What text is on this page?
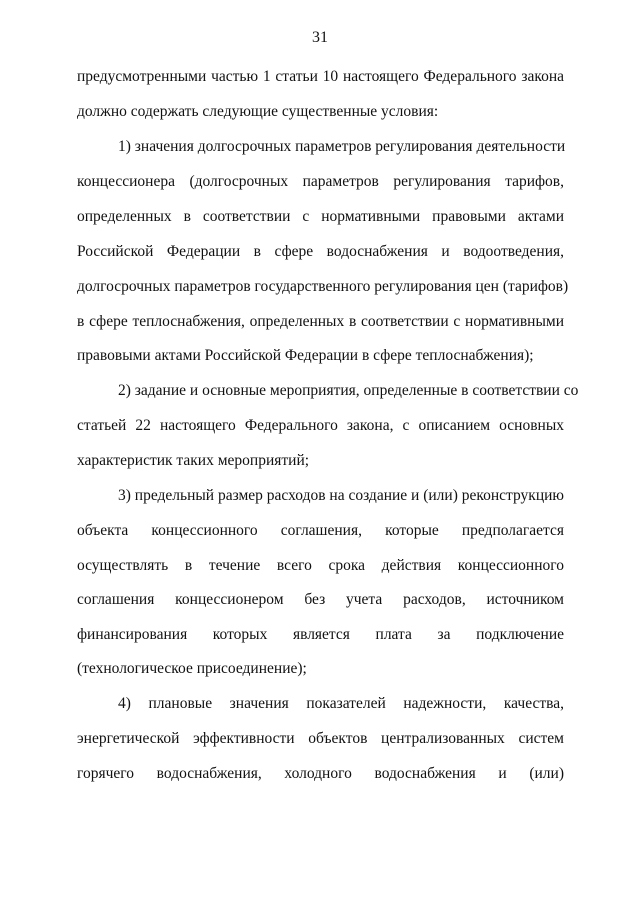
31
предусмотренными частью 1 статьи 10 настоящего Федерального закона
должно содержать следующие существенные условия:
1) значения долгосрочных параметров регулирования деятельности
концессионера (долгосрочных параметров регулирования тарифов,
определенных в соответствии с нормативными правовыми актами
Российской Федерации в сфере водоснабжения и водоотведения,
долгосрочных параметров государственного регулирования цен (тарифов)
в сфере теплоснабжения, определенных в соответствии с нормативными
правовыми актами Российской Федерации в сфере теплоснабжения);
2) задание и основные мероприятия, определенные в соответствии со
статьей 22 настоящего Федерального закона, с описанием основных
характеристик таких мероприятий;
3) предельный размер расходов на создание и (или) реконструкцию
объекта концессионного соглашения, которые предполагается
осуществлять в течение всего срока действия концессионного
соглашения концессионером без учета расходов, источником
финансирования которых является плата за подключение
(технологическое присоединение);
4) плановые значения показателей надежности, качества,
энергетической эффективности объектов централизованных систем
горячего водоснабжения, холодного водоснабжения и (или)
